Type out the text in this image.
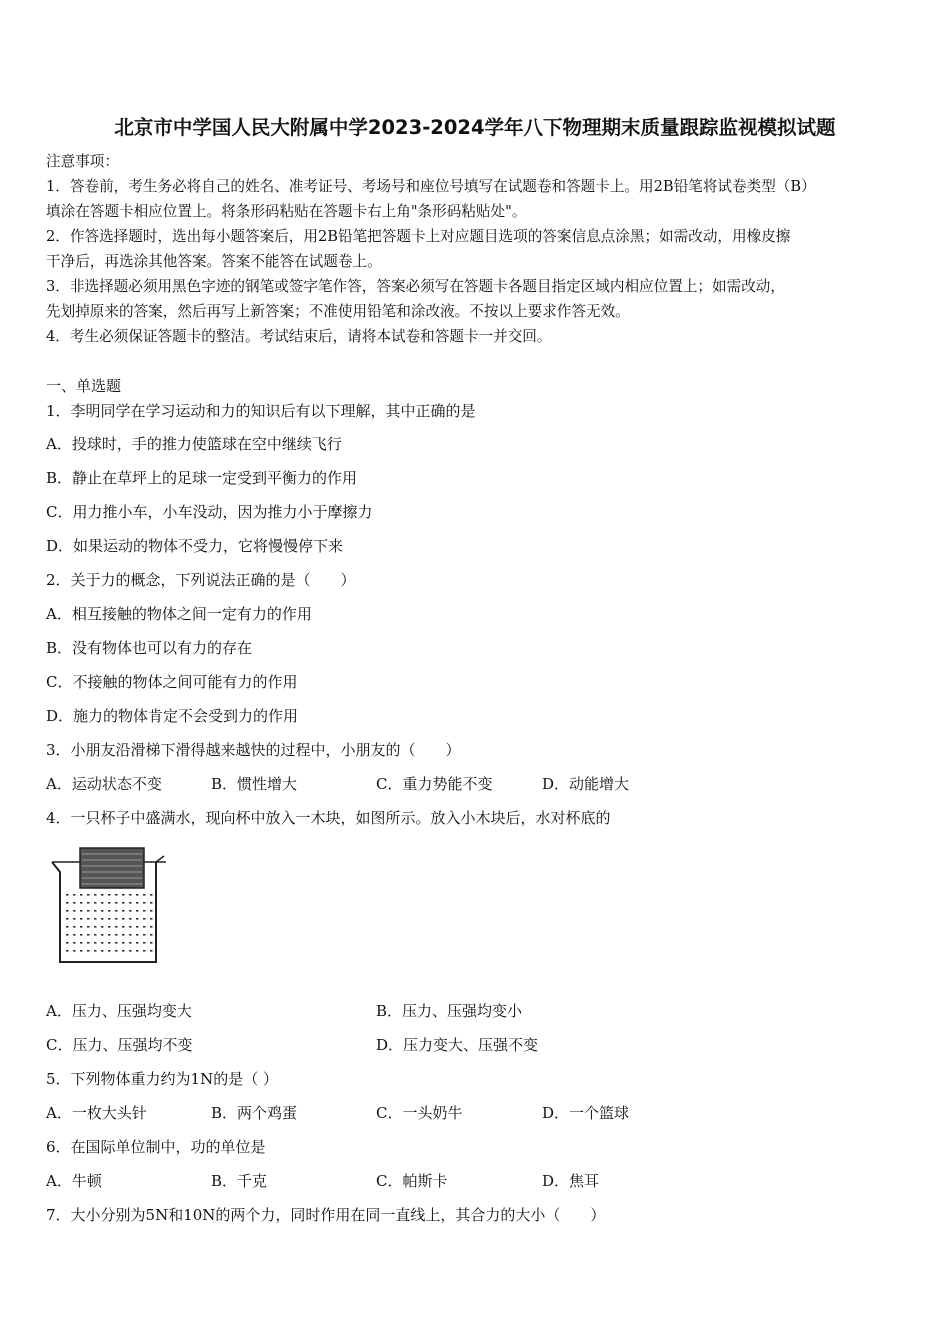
北京市中学国人民大附属中学2023-2024学年八下物理期末质量跟踪监视模拟试题
注意事项：
1．答卷前，考生务必将自己的姓名、准考证号、考场号和座位号填写在试题卷和答题卡上。用2B铅笔将试卷类型（B）
填涂在答题卡相应位置上。将条形码粘贴在答题卡右上角"条形码粘贴处"。
2．作答选择题时，选出每小题答案后，用2B铅笔把答题卡上对应题目选项的答案信息点涂黑；如需改动，用橡皮擦
干净后，再选涂其他答案。答案不能答在试题卷上。
3．非选择题必须用黑色字迹的钢笔或签字笔作答，答案必须写在答题卡各题目指定区域内相应位置上；如需改动，
先划掉原来的答案，然后再写上新答案；不准使用铅笔和涂改液。不按以上要求作答无效。
4．考生必须保证答题卡的整洁。考试结束后，请将本试卷和答题卡一并交回。
一、单选题
1．李明同学在学习运动和力的知识后有以下理解，其中正确的是
A．投球时，手的推力使篮球在空中继续飞行
B．静止在草坪上的足球一定受到平衡力的作用
C．用力推小车，小车没动，因为推力小于摩擦力
D．如果运动的物体不受力，它将慢慢停下来
2．关于力的概念，下列说法正确的是（　　）
A．相互接触的物体之间一定有力的作用
B．没有物体也可以有力的存在
C．不接触的物体之间可能有力的作用
D．施力的物体肯定不会受到力的作用
3．小朋友沿滑梯下滑得越来越快的过程中，小朋友的（　　）
A．运动状态不变	B．惯性增大	C．重力势能不变	D．动能增大
4．一只杯子中盛满水，现向杯中放入一木块，如图所示。放入小木块后，水对杯底的
A．压力、压强均变大	B．压力、压强均变小
C．压力、压强均不变	D．压力变大、压强不变
5．下列物体重力约为1N的是（ ）
A．一枚大头针	B．两个鸡蛋	C．一头奶牛	D．一个篮球
6．在国际单位制中，功的单位是
A．牛顿	B．千克	C．帕斯卡	D．焦耳
7．大小分别为5N和10N的两个力，同时作用在同一直线上，其合力的大小（　　）
